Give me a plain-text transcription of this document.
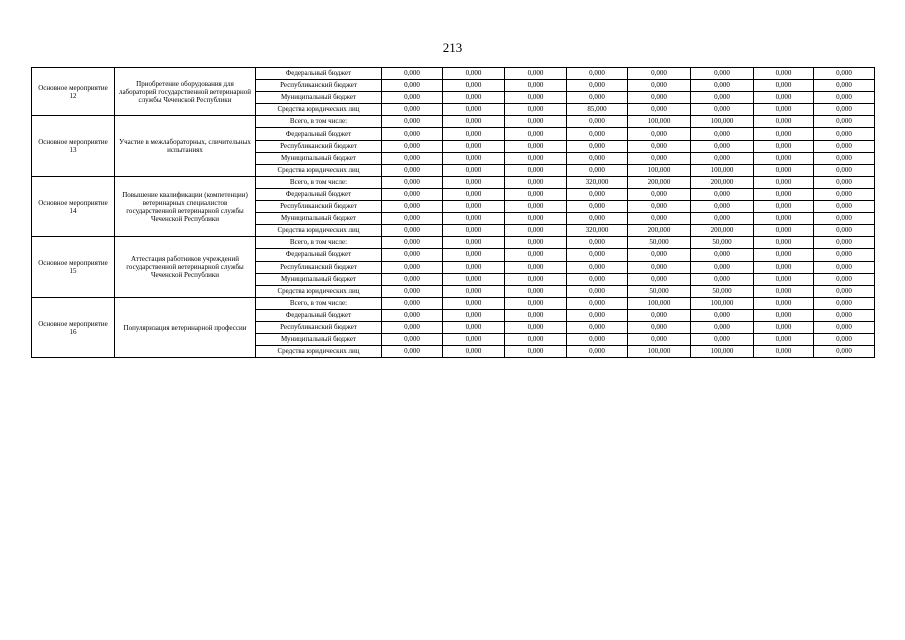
213
Основное мероприятие 12	Приобретение оборудования для лабораторий государственной ветеринарной службы Чеченской Республики	Федеральный бюджет	0,000	0,000	0,000	0,000	0,000	0,000	0,000	0,000
		Республиканский бюджет	0,000	0,000	0,000	0,000	0,000	0,000	0,000	0,000
		Муниципальный бюджет	0,000	0,000	0,000	0,000	0,000	0,000	0,000	0,000
		Средства юридических лиц	0,000	0,000	0,000	85,000	0,000	0,000	0,000	0,000
Основное мероприятие 13	Участие в межлабораторных, сличительных испытаниях	Всего, в том числе:	0,000	0,000	0,000	0,000	100,000	100,000	0,000	0,000
		Федеральный бюджет	0,000	0,000	0,000	0,000	0,000	0,000	0,000	0,000
		Республиканский бюджет	0,000	0,000	0,000	0,000	0,000	0,000	0,000	0,000
		Муниципальный бюджет	0,000	0,000	0,000	0,000	0,000	0,000	0,000	0,000
		Средства юридических лиц	0,000	0,000	0,000	0,000	100,000	100,000	0,000	0,000
Основное мероприятие 14	Повышение квалификации (компетенции) ветеринарных специалистов государственной ветеринарной службы Чеченской Республики	Всего, в том числе:	0,000	0,000	0,000	320,000	200,000	200,000	0,000	0,000
		Федеральный бюджет	0,000	0,000	0,000	0,000	0,000	0,000	0,000	0,000
		Республиканский бюджет	0,000	0,000	0,000	0,000	0,000	0,000	0,000	0,000
		Муниципальный бюджет	0,000	0,000	0,000	0,000	0,000	0,000	0,000	0,000
		Средства юридических лиц	0,000	0,000	0,000	320,000	200,000	200,000	0,000	0,000
Основное мероприятие 15	Аттестация работников учреждений государственной ветеринарной службы Чеченской Республики	Всего, в том числе:	0,000	0,000	0,000	0,000	50,000	50,000	0,000	0,000
		Федеральный бюджет	0,000	0,000	0,000	0,000	0,000	0,000	0,000	0,000
		Республиканский бюджет	0,000	0,000	0,000	0,000	0,000	0,000	0,000	0,000
		Муниципальный бюджет	0,000	0,000	0,000	0,000	0,000	0,000	0,000	0,000
		Средства юридических лиц	0,000	0,000	0,000	0,000	50,000	50,000	0,000	0,000
Основное мероприятие 16	Популяризация ветеринарной профессии	Всего, в том числе:	0,000	0,000	0,000	0,000	100,000	100,000	0,000	0,000
		Федеральный бюджет	0,000	0,000	0,000	0,000	0,000	0,000	0,000	0,000
		Республиканский бюджет	0,000	0,000	0,000	0,000	0,000	0,000	0,000	0,000
		Муниципальный бюджет	0,000	0,000	0,000	0,000	0,000	0,000	0,000	0,000
		Средства юридических лиц	0,000	0,000	0,000	0,000	100,000	100,000	0,000	0,000
